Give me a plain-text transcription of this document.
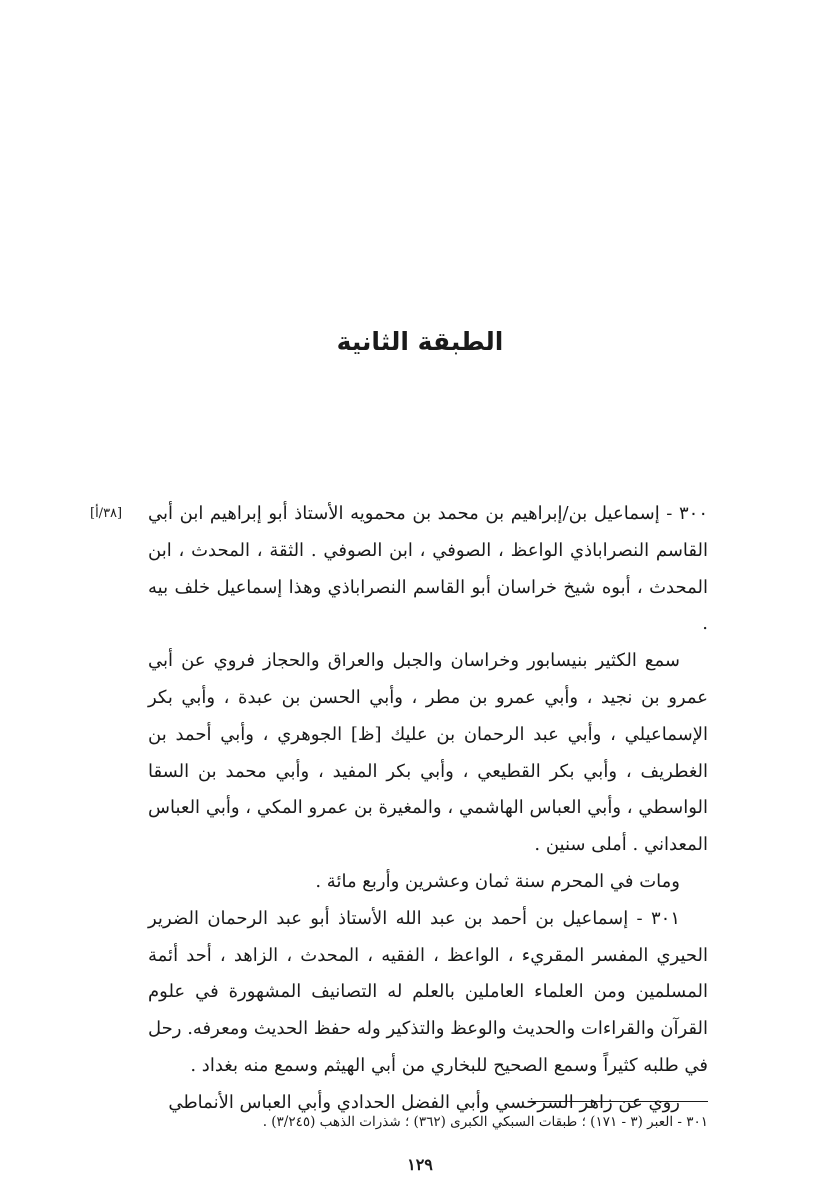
الطبقة الثانية
[٣٨/أ]	٣٠٠ - إسماعيل بن/إبراهيم بن محمد بن محمويه الأستاذ أبو إبراهيم ابن أبي القاسم النصراباذي الواعظ ، الصوفي ، ابن الصوفي . الثقة ، المحدث ، ابن المحدث ، أبوه شيخ خراسان أبو القاسم النصراباذي وهذا إسماعيل خلف بيه .

سمع الكثير بنيسابور وخراسان والجبل والعراق والحجاز فروي عن أبي عمرو بن نجيد ، وأبي عمرو بن مطر ، وأبي الحسن بن عبدة ، وأبي بكر الإسماعيلي ، وأبي عبد الرحمان بن عليك [ظ] الجوهري ، وأبي أحمد بن الغطريف ، وأبي بكر القطيعي ، وأبي بكر المفيد ، وأبي محمد بن السقا الواسطي ، وأبي العباس الهاشمي ، والمغيرة بن عمرو المكي ، وأبي العباس المعداني . أملى سنين .

ومات في المحرم سنة ثمان وعشرين وأربع مائة .

٣٠١ - إسماعيل بن أحمد بن عبد الله الأستاذ أبو عبد الرحمان الضرير الحيري المفسر المقريء ، الواعظ ، الفقيه ، المحدث ، الزاهد ، أحد أئمة المسلمين ومن العلماء العاملين بالعلم له التصانيف المشهورة في علوم القرآن والقراءات والحديث والوعظ والتذكير وله حفظ الحديث ومعرفه. رحل في طلبه كثيراً وسمع الصحيح للبخاري من أبي الهيثم وسمع منه بغداد .

روي عن زاهر السرخسي وأبي الفضل الحدادي وأبي العباس الأنماطي

٣٠١ - العبر (٣ - ١٧١) ؛ طبقات السبكي الكبرى (٣٦٢) ؛ شذرات الذهب (٣/٢٤٥) .
١٢٩
